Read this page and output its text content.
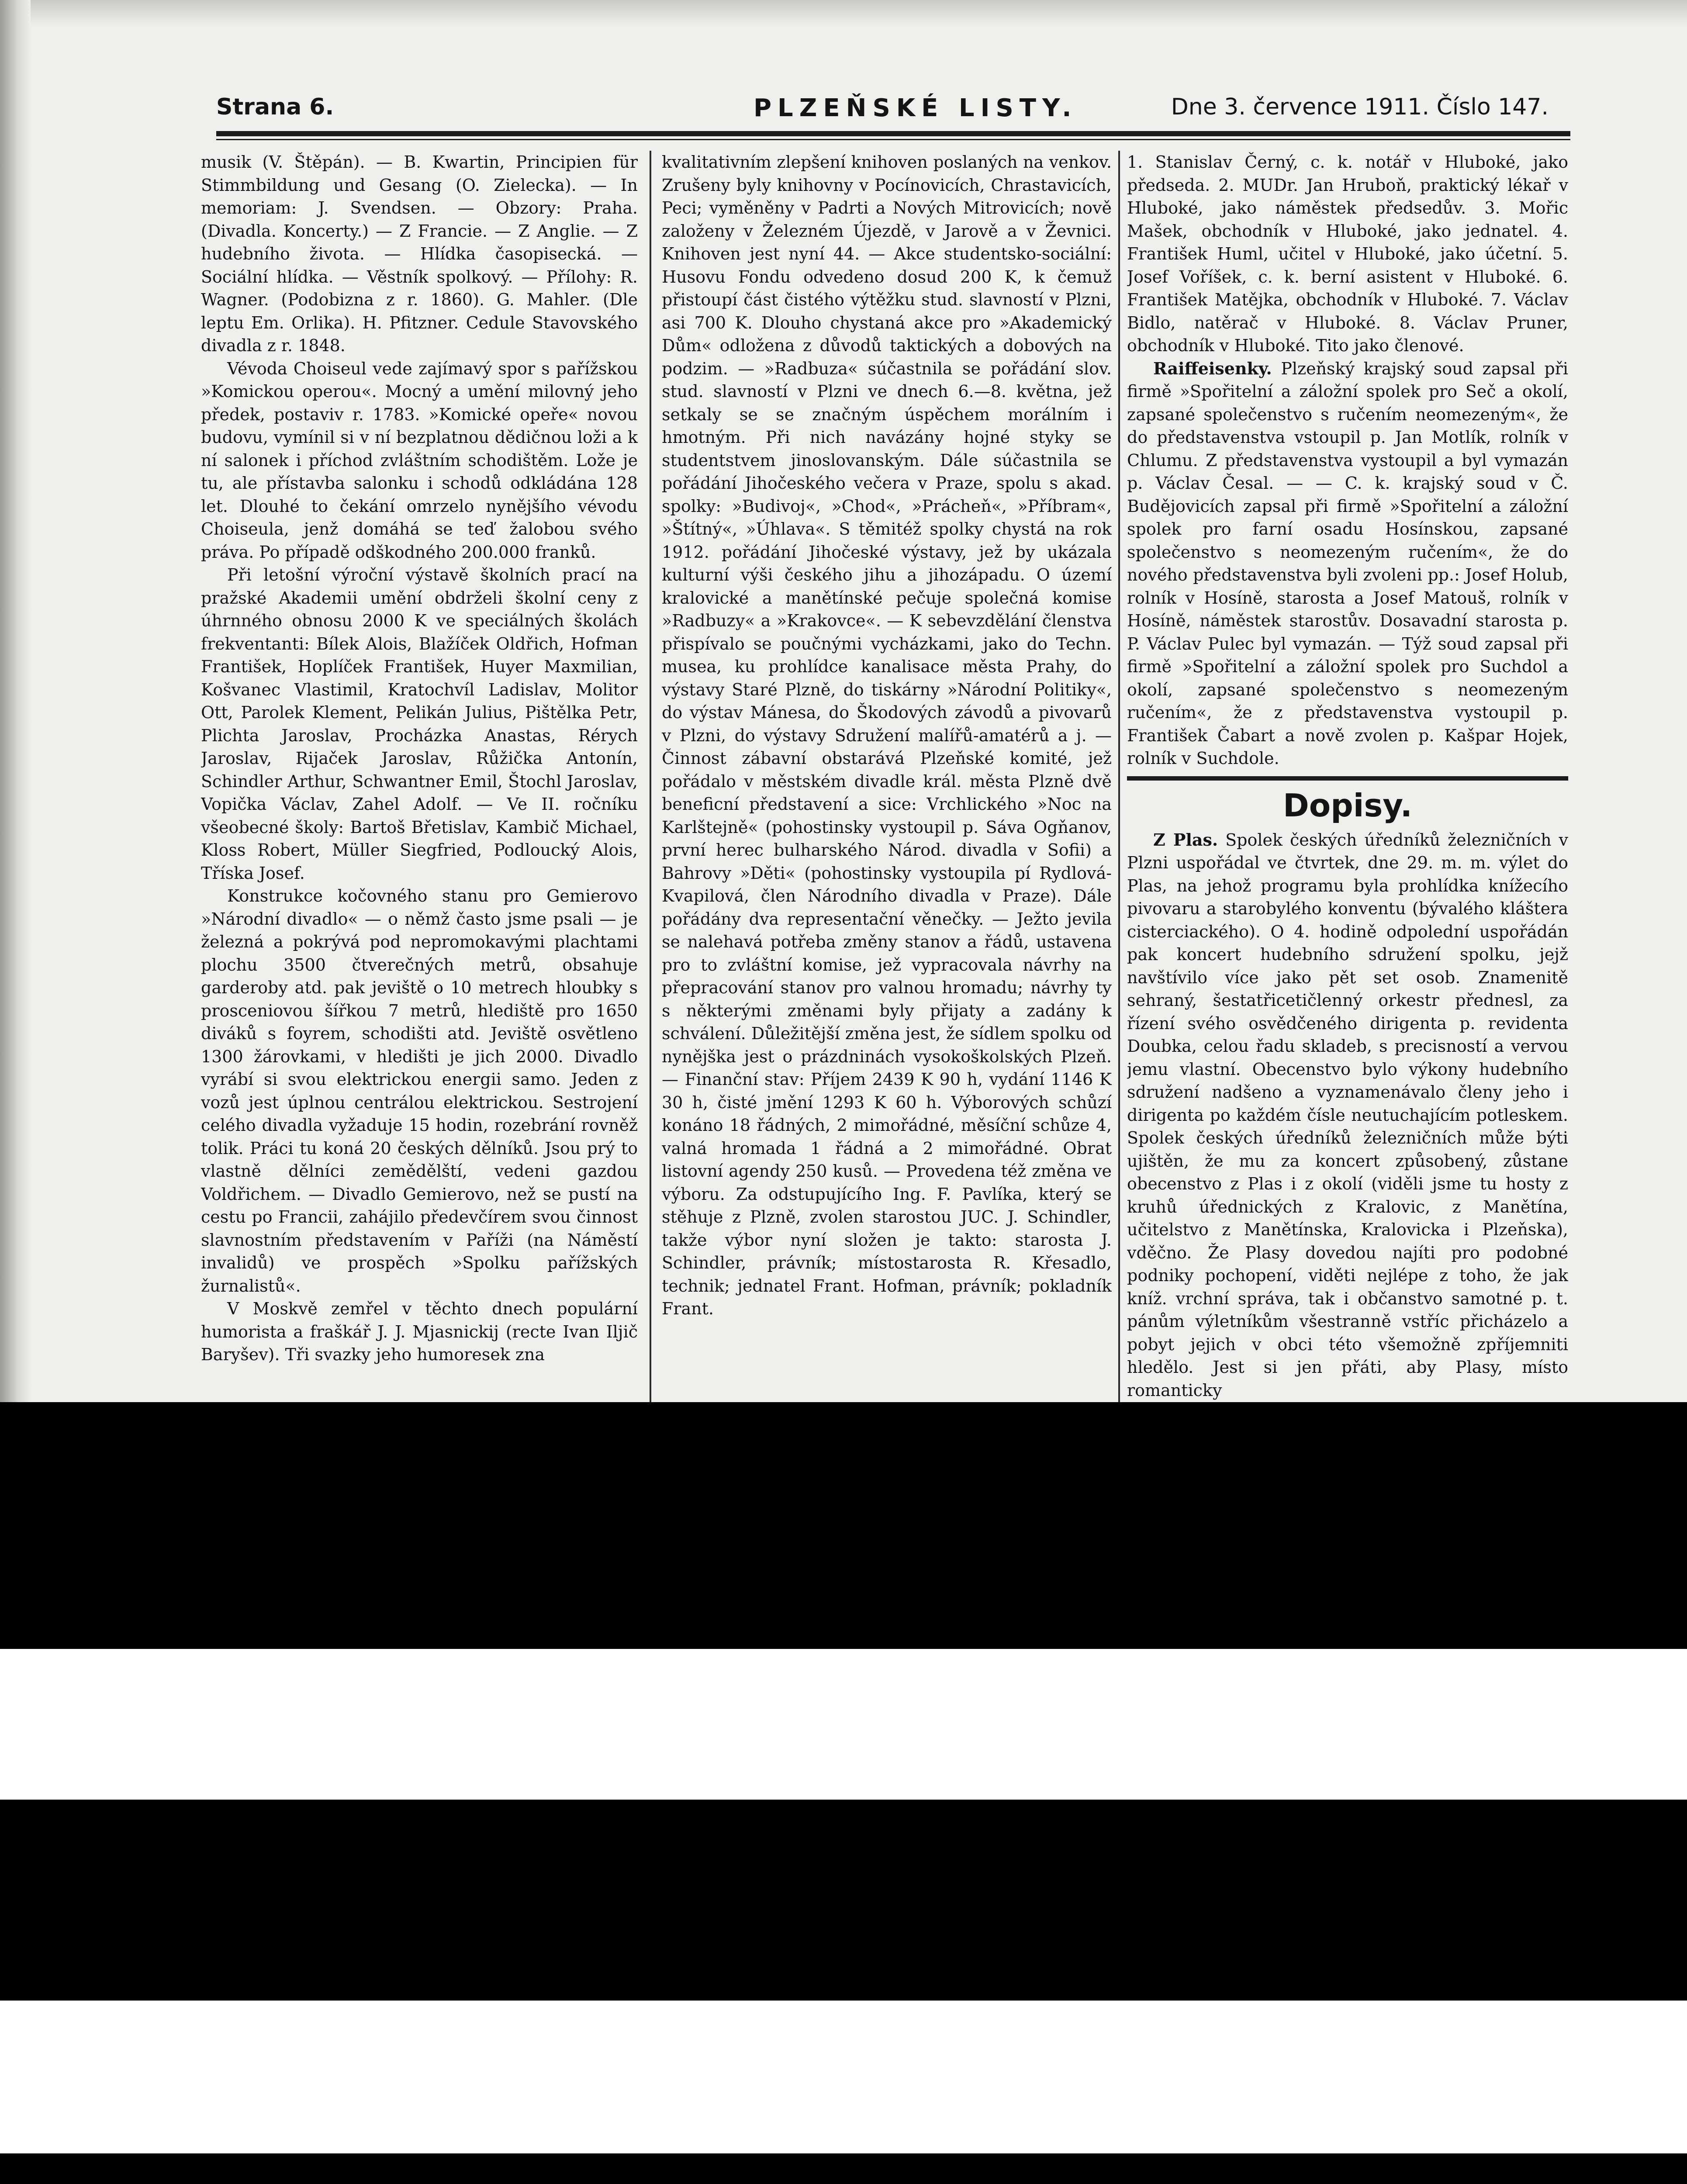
Strana 6.	PLZEŇSKÉ LISTY.	Dne 3. července 1911. Číslo 147.

musik (V. Štěpán). — B. Kwartin, Principien für Stimmbildung und Gesang (O. Zielecka). — In memoriam: J. Svendsen. — Obzory: Praha. (Divadla. Koncerty.) — Z Francie. — Z Anglie. — Z hudebního života. — Hlídka časopisecká. — Sociální hlídka. — Věstník spolkový. — Přílohy: R. Wagner. (Podobizna z r. 1860). G. Mahler. (Dle leptu Em. Orlika). H. Pfitzner. Cedule Stavovského divadla z r. 1848.

Vévoda Choiseul vede zajímavý spor s pařížskou »Komickou operou«. Mocný a umění milovný jeho předek, postaviv r. 1783. »Komické opeře« novou budovu, vymínil si v ní bezplatnou dědičnou loži a k ní salonek i příchod zvláštním schodištěm. Lože je tu, ale přístavba salonku i schodů odkládána 128 let. Dlouhé to čekání omrzelo nynějšího vévodu Choiseula, jenž domáhá se teď žalobou svého práva. Po případě odškodného 200.000 franků.

Při letošní výroční výstavě školních prací na pražské Akademii umění obdrželi školní ceny z úhrnného obnosu 2000 K ve speciálných školách frekventanti: Bílek Alois, Blažíček Oldřich, Hofman František, Hoplíček František, Huyer Maxmilian, Košvanec Vlastimil, Kratochvíl Ladislav, Molitor Ott, Parolek Klement, Pelikán Julius, Pištělka Petr, Plichta Jaroslav, Procházka Anastas, Rérych Jaroslav, Rijaček Jaroslav, Růžička Antonín, Schindler Arthur, Schwantner Emil, Štochl Jaroslav, Vopička Václav, Zahel Adolf. — Ve II. ročníku všeobecné školy: Bartoš Břetislav, Kambič Michael, Kloss Robert, Müller Siegfried, Podloucký Alois, Tříska Josef.

Konstrukce kočovného stanu pro Gemierovo »Národní divadlo« — o němž často jsme psali — je železná a pokrývá pod nepromokavými plachtami plochu 3500 čtverečných metrů, obsahuje garderoby atd. pak jeviště o 10 metrech hloubky s prosceniovou šířkou 7 metrů, hlediště pro 1650 diváků s foyrem, schodišti atd. Jeviště osvětleno 1300 žárovkami, v hledišti je jich 2000. Divadlo vyrábí si svou elektrickou energii samo. Jeden z vozů jest úplnou centrálou elektrickou. Sestrojení celého divadla vyžaduje 15 hodin, rozebrání rovněž tolik. Práci tu koná 20 českých dělníků. Jsou prý to vlastně dělníci zemědělští, vedeni gazdou Voldřichem. — Divadlo Gemierovo, než se pustí na cestu po Francii, zahájilo předevčírem svou činnost slavnostním představením v Paříži (na Náměstí invalidů) ve prospěch »Spolku pařížských žurnalistů«.

V Moskvě zemřel v těchto dnech populární humorista a fraškář J. J. Mjasnickij (recte Ivan Iljič Baryšev). Tři svazky jeho humoresek zna

kvalitativním zlepšení knihoven poslaných na venkov. Zrušeny byly knihovny v Pocínovicích, Chrastavicích, Peci; vyměněny v Padrti a Nových Mitrovicích; nově založeny v Železném Újezdě, v Jarově a v Ževnici. Knihoven jest nyní 44. — Akce studentsko-sociální: Husovu Fondu odvedeno dosud 200 K, k čemuž přistoupí část čistého výtěžku stud. slavností v Plzni, asi 700 K. Dlouho chystaná akce pro »Akademický Dům« odložena z důvodů taktických a dobových na podzim. — »Radbuza« súčastnila se pořádání slov. stud. slavností v Plzni ve dnech 6.—8. května, jež setkaly se se značným úspěchem morálním i hmotným. Při nich navázány hojné styky se studentstvem jinoslovanským. Dále súčastnila se pořádání Jihočeského večera v Praze, spolu s akad. spolky: »Budivoj«, »Chod«, »Prácheň«, »Příbram«, »Štítný«, »Úhlava«. S těmitéž spolky chystá na rok 1912. pořádání Jihočeské výstavy, jež by ukázala kulturní výši českého jihu a jihozápadu. O území kralovické a manětínské pečuje společná komise »Radbuzy« a »Krakovce«. — K sebevzdělání členstva přispívalo se poučnými vycházkami, jako do Techn. musea, ku prohlídce kanalisace města Prahy, do výstavy Staré Plzně, do tiskárny »Národní Politiky«, do výstav Mánesa, do Škodových závodů a pivovarů v Plzni, do výstavy Sdružení malířů-amatérů a j. — Činnost zábavní obstarává Plzeňské komité, jež pořádalo v městském divadle král. města Plzně dvě beneficní představení a sice: Vrchlického »Noc na Karlštejně« (pohostinsky vystoupil p. Sáva Ogňanov, první herec bulharského Národ. divadla v Sofii) a Bahrovy »Děti« (pohostinsky vystoupila pí Rydlová-Kvapilová, člen Národního divadla v Praze). Dále pořádány dva representační věnečky. — Ježto jevila se nalehavá potřeba změny stanov a řádů, ustavena pro to zvláštní komise, jež vypracovala návrhy na přepracování stanov pro valnou hromadu; návrhy ty s některými změnami byly přijaty a zadány k schválení. Důležitější změna jest, že sídlem spolku od nynějška jest o prázdninách vysokoškolských Plzeň. — Finanční stav: Příjem 2439 K 90 h, vydání 1146 K 30 h, čisté jmění 1293 K 60 h. Výborových schůzí konáno 18 řádných, 2 mimořádné, měsíční schůze 4, valná hromada 1 řádná a 2 mimořádné. Obrat listovní agendy 250 kusů. — Provedena též změna ve výboru. Za odstupujícího Ing. F. Pavlíka, který se stěhuje z Plzně, zvolen starostou JUC. J. Schindler, takže výbor nyní složen je takto: starosta J. Schindler, právník; místostarosta R. Křesadlo, technik; jednatel Frant. Hofman, právník; pokladník Frant.

1. Stanislav Černý, c. k. notář v Hluboké, jako předseda. 2. MUDr. Jan Hruboň, praktický lékař v Hluboké, jako náměstek předsedův. 3. Mořic Mašek, obchodník v Hluboké, jako jednatel. 4. František Huml, učitel v Hluboké, jako účetní. 5. Josef Voříšek, c. k. berní asistent v Hluboké. 6. František Matějka, obchodník v Hluboké. 7. Václav Bidlo, natěrač v Hluboké. 8. Václav Pruner, obchodník v Hluboké. Tito jako členové.

Raiffeisenky. Plzeňský krajský soud zapsal při firmě »Spořitelní a záložní spolek pro Seč a okolí, zapsané společenstvo s ručením neomezeným«, že do představenstva vstoupil p. Jan Motlík, rolník v Chlumu. Z představenstva vystoupil a byl vymazán p. Václav Česal. — — C. k. krajský soud v Č. Budějovicích zapsal při firmě »Spořitelní a záložní spolek pro farní osadu Hosínskou, zapsané společenstvo s neomezeným ručením«, že do nového představenstva byli zvoleni pp.: Josef Holub, rolník v Hosíně, starosta a Josef Matouš, rolník v Hosíně, náměstek starostův. Dosavadní starosta p. P. Václav Pulec byl vymazán. — Týž soud zapsal při firmě »Spořitelní a záložní spolek pro Suchdol a okolí, zapsané společenstvo s neomezeným ručením«, že z představenstva vystoupil p. František Čabart a nově zvolen p. Kašpar Hojek, rolník v Suchdole.

Dopisy.

Z Plas. Spolek českých úředníků železničních v Plzni uspořádal ve čtvrtek, dne 29. m. m. výlet do Plas, na jehož programu byla prohlídka knížecího pivovaru a starobylého konventu (bývalého kláštera cisterciackého). O 4. hodině odpolední uspořádán pak koncert hudebního sdružení spolku, jejž navštívilo více jako pět set osob. Znamenitě sehraný, šestatřicetičlenný orkestr přednesl, za řízení svého osvědčeného dirigenta p. revidenta Doubka, celou řadu skladeb, s precisností a vervou jemu vlastní. Obecenstvo bylo výkony hudebního sdružení nadšeno a vyznamenávalo členy jeho i dirigenta po každém čísle neutuchajícím potleskem. Spolek českých úředníků železničních může býti ujištěn, že mu za koncert způsobený, zůstane obecenstvo z Plas i z okolí (viděli jsme tu hosty z kruhů úřednických z Kralovic, z Manětína, učitelstvo z Manětínska, Kralovicka i Plzeňska), vděčno. Že Plasy dovedou najíti pro podobné podniky pochopení, viděti nejlépe z toho, že jak kníž. vrchní správa, tak i občanstvo samotné p. t. pánům výletníkům všestranně vstříc přicházelo a pobyt jejich v obci této všemožně zpříjemniti hledělo. Jest si jen přáti, aby Plasy, místo romanticky
